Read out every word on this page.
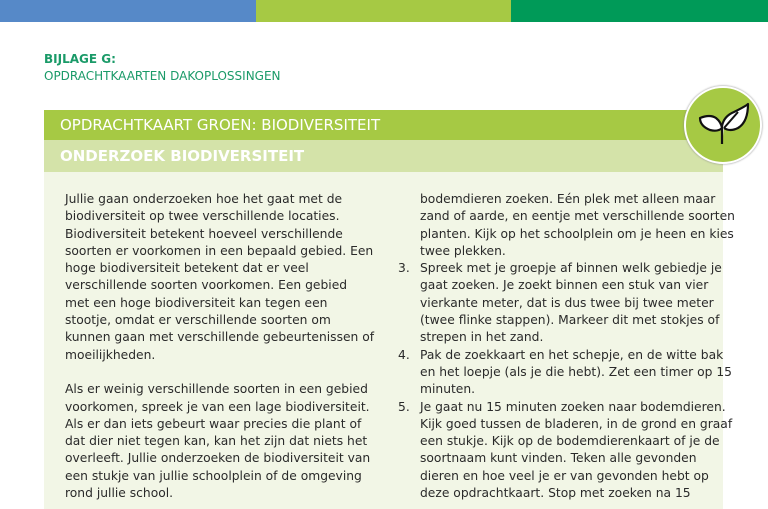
BIJLAGE G:
OPDRACHTKAARTEN DAKOPLOSSINGEN
OPDRACHTKAART GROEN: BIODIVERSITEIT
ONDERZOEK BIODIVERSITEIT

Jullie gaan onderzoeken hoe het gaat met de biodiversiteit op twee verschillende locaties. Biodiversiteit betekent hoeveel verschillende soorten er voorkomen in een bepaald gebied. Een hoge biodiversiteit betekent dat er veel verschillende soorten voorkomen. Een gebied met een hoge biodiversiteit kan tegen een stootje, omdat er verschillende soorten om kunnen gaan met verschillende gebeurtenissen of moeilijkheden.

Als er weinig verschillende soorten in een gebied voorkomen, spreek je van een lage biodiversiteit. Als er dan iets gebeurt waar precies die plant of dat dier niet tegen kan, kan het zijn dat niets het overleeft. Jullie onderzoeken de biodiversiteit van een stukje van jullie schoolplein of de omgeving rond jullie school.

bodemdieren zoeken. Eén plek met alleen maar zand of aarde, en eentje met verschillende soorten planten. Kijk op het schoolplein om je heen en kies twee plekken.

3. Spreek met je groepje af binnen welk gebiedje je gaat zoeken. Je zoekt binnen een stuk van vier vierkante meter, dat is dus twee bij twee meter (twee flinke stappen). Markeer dit met stokjes of strepen in het zand.
4. Pak de zoekkaart en het schepje, en de witte bak en het loepje (als je die hebt). Zet een timer op 15 minuten.
5. Je gaat nu 15 minuten zoeken naar bodemdieren. Kijk goed tussen de bladeren, in de grond en graaf een stukje. Kijk op de bodemdierenkaart of je de soortnaam kunt vinden. Teken alle gevonden dieren en hoe veel je er van gevonden hebt op deze opdrachtkaart. Stop met zoeken na 15
